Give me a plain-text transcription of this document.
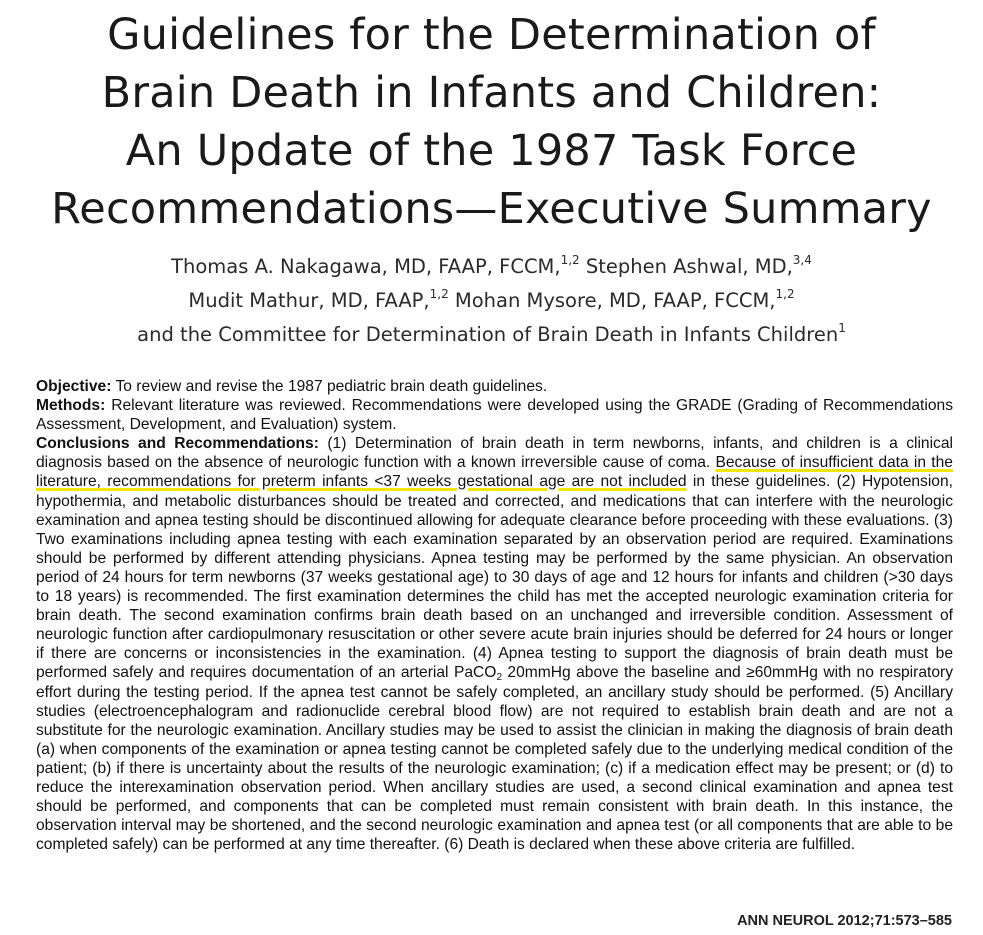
Guidelines for the Determination of
Brain Death in Infants and Children:
An Update of the 1987 Task Force
Recommendations—Executive Summary
Thomas A. Nakagawa, MD, FAAP, FCCM,$^{1,2}$ Stephen Ashwal, MD,$^{3,4}$
Mudit Mathur, MD, FAAP,$^{1,2}$ Mohan Mysore, MD, FAAP, FCCM,$^{1,2}$
and the Committee for Determination of Brain Death in Infants Children$^1$

Objective: To review and revise the 1987 pediatric brain death guidelines.

Methods: Relevant literature was reviewed. Recommendations were developed using the GRADE (Grading of Recommendations Assessment, Development, and Evaluation) system.

Conclusions and Recommendations: (1) Determination of brain death in term newborns, infants, and children is a clinical diagnosis based on the absence of neurologic function with a known irreversible cause of coma. Because of insufficient data in the literature, recommendations for preterm infants <37 weeks gestational age are not included in these guidelines. (2) Hypotension, hypothermia, and metabolic disturbances should be treated and corrected, and medications that can interfere with the neurologic examination and apnea testing should be discontinued allowing for adequate clearance before proceeding with these evaluations. (3) Two examinations including apnea testing with each examination separated by an observation period are required. Examinations should be performed by different attending physicians. Apnea testing may be performed by the same physician. An observation period of 24 hours for term newborns (37 weeks gestational age) to 30 days of age and 12 hours for infants and children (>30 days to 18 years) is recommended. The first examination determines the child has met the accepted neurologic examination criteria for brain death. The second examination confirms brain death based on an unchanged and irreversible condition. Assessment of neurologic function after cardiopulmonary resuscitation or other severe acute brain injuries should be deferred for 24 hours or longer if there are concerns or inconsistencies in the examination. (4) Apnea testing to support the diagnosis of brain death must be performed safely and requires documentation of an arterial PaCO$_2$ 20mmHg above the baseline and ≥60mmHg with no respiratory effort during the testing period. If the apnea test cannot be safely completed, an ancillary study should be performed. (5) Ancillary studies (electroencephalogram and radionuclide cerebral blood flow) are not required to establish brain death and are not a substitute for the neurologic examination. Ancillary studies may be used to assist the clinician in making the diagnosis of brain death (a) when components of the examination or apnea testing cannot be completed safely due to the underlying medical condition of the patient; (b) if there is uncertainty about the results of the neurologic examination; (c) if a medication effect may be present; or (d) to reduce the interexamination observation period. When ancillary studies are used, a second clinical examination and apnea test should be performed, and components that can be completed must remain consistent with brain death. In this instance, the observation interval may be shortened, and the second neurologic examination and apnea test (or all components that are able to be completed safely) can be performed at any time thereafter. (6) Death is declared when these above criteria are fulfilled.

ANN NEUROL 2012;71:573–585
